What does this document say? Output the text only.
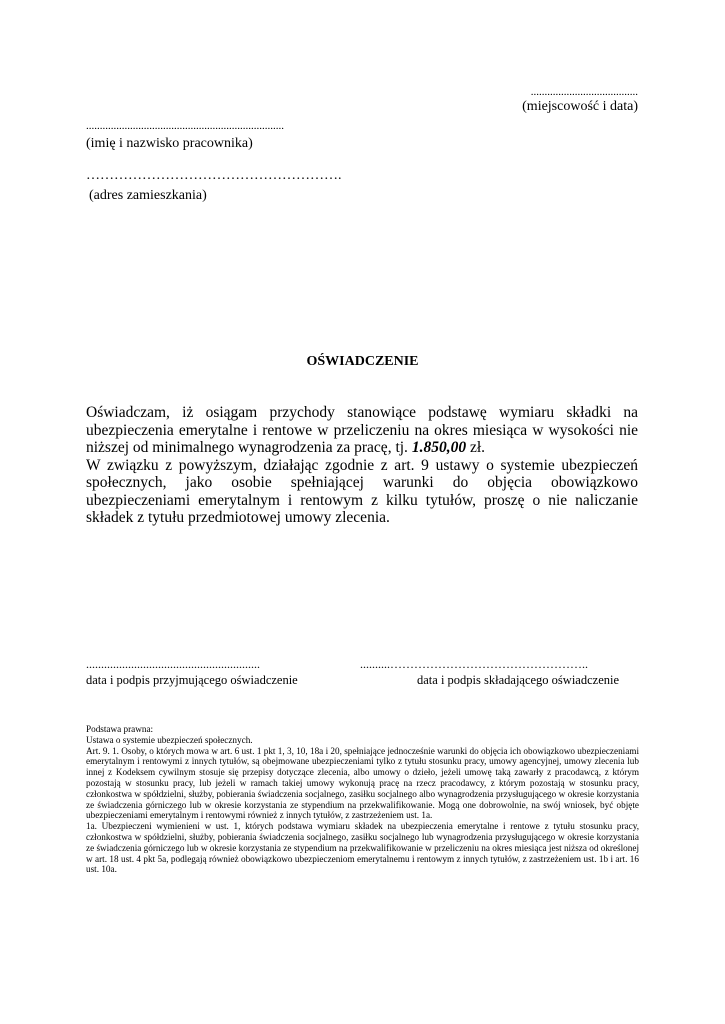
.......................................
(miejscowość i data)
........................................................................
(imię i nazwisko pracownika)
……………………………………………….
(adres zamieszkania)
OŚWIADCZENIE

Oświadczam, iż osiągam przychody stanowiące podstawę wymiaru składki na ubezpieczenia emerytalne i rentowe w przeliczeniu na okres miesiąca w wysokości nie niższej od minimalnego wynagrodzenia za pracę, tj. 1.850,00 zł.

W związku z powyższym, działając zgodnie z art. 9 ustawy o systemie ubezpieczeń społecznych, jako osobie spełniającej warunki do objęcia obowiązkowo ubezpieczeniami emerytalnym i rentowym z kilku tytułów, proszę o nie naliczanie składek z tytułu przedmiotowej umowy zlecenia.

..........................................................
data i podpis przyjmującego oświadczenie
..........…………………………………………..
data i podpis składającego oświadczenie

Podstawa prawna:

Ustawa o systemie ubezpieczeń społecznych.

Art. 9. 1. Osoby, o których mowa w art. 6 ust. 1 pkt 1, 3, 10, 18a i 20, spełniające jednocześnie warunki do objęcia ich obowiązkowo ubezpieczeniami emerytalnym i rentowymi z innych tytułów, są obejmowane ubezpieczeniami tylko z tytułu stosunku pracy, umowy agencyjnej, umowy zlecenia lub innej z Kodeksem cywilnym stosuje się przepisy dotyczące zlecenia, albo umowy o dzieło, jeżeli umowę taką zawarły z pracodawcą, z którym pozostają w stosunku pracy, lub jeżeli w ramach takiej umowy wykonują pracę na rzecz pracodawcy, z którym pozostają w stosunku pracy, członkostwa w spółdzielni, służby, pobierania świadczenia socjalnego, zasiłku socjalnego albo wynagrodzenia przysługującego w okresie korzystania ze świadczenia górniczego lub w okresie korzystania ze stypendium na przekwalifikowanie. Mogą one dobrowolnie, na swój wniosek, być objęte ubezpieczeniami emerytalnym i rentowymi również z innych tytułów, z zastrzeżeniem ust. 1a.

1a. Ubezpieczeni wymienieni w ust. 1, których podstawa wymiaru składek na ubezpieczenia emerytalne i rentowe z tytułu stosunku pracy, członkostwa w spółdzielni, służby, pobierania świadczenia socjalnego, zasiłku socjalnego lub wynagrodzenia przysługującego w okresie korzystania ze świadczenia górniczego lub w okresie korzystania ze stypendium na przekwalifikowanie w przeliczeniu na okres miesiąca jest niższa od określonej w art. 18 ust. 4 pkt 5a, podlegają również obowiązkowo ubezpieczeniom emerytalnemu i rentowym z innych tytułów, z zastrzeżeniem ust. 1b i art. 16 ust. 10a.
